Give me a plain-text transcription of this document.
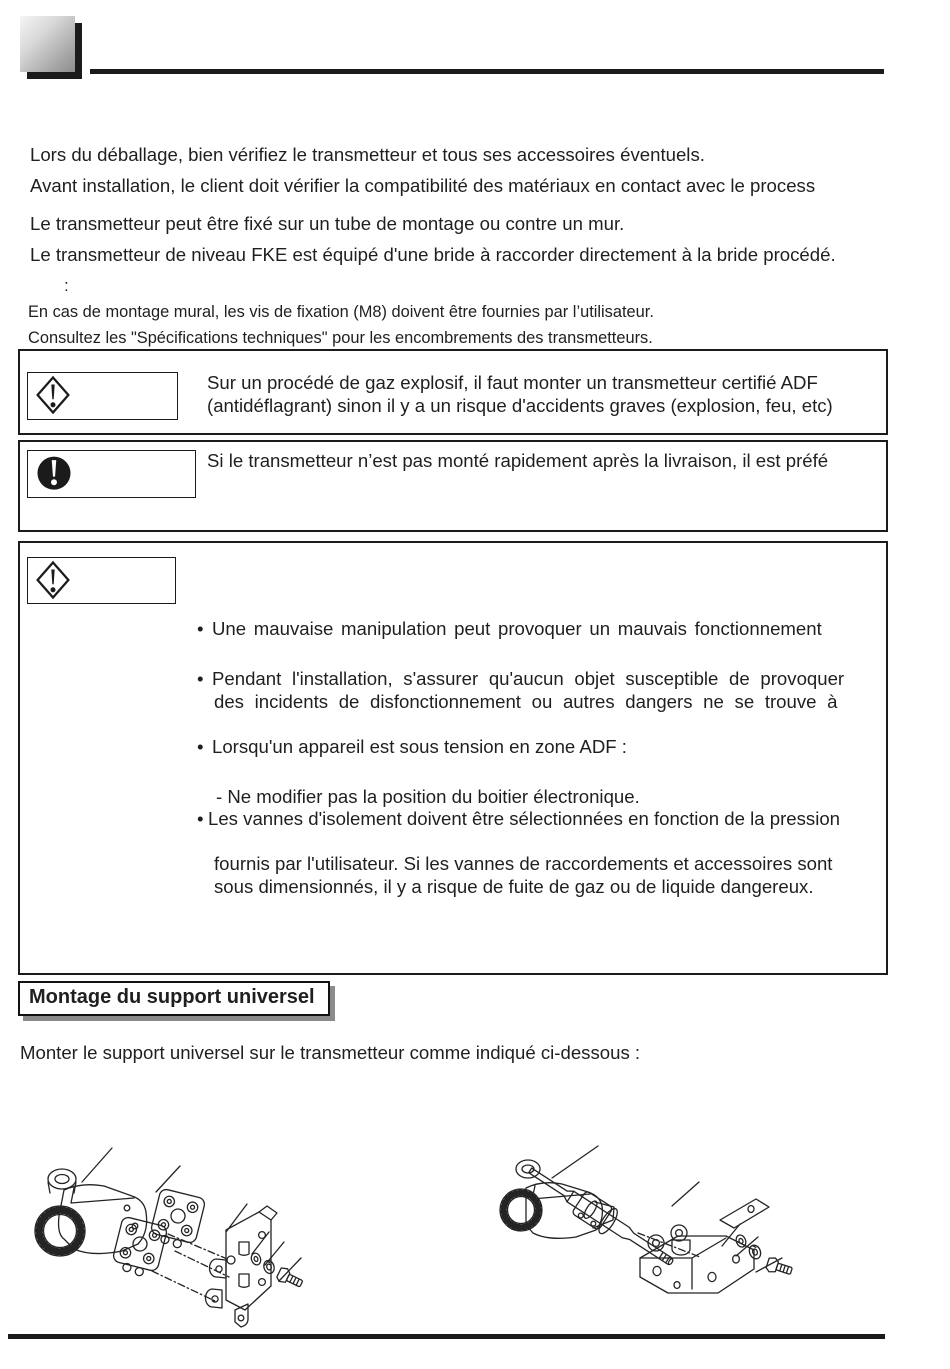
Lors du déballage, bien vérifiez le transmetteur et tous ses accessoires éventuels.
Avant installation, le client doit vérifier la compatibilité des matériaux en contact avec le process
Le transmetteur peut être fixé sur un tube de montage ou contre un mur.
Le transmetteur de niveau FKE est équipé d'une bride à raccorder directement à la bride procédé.
:
En cas de montage mural, les vis de fixation (M8) doivent être fournies par l’utilisateur.
Consultez les "Spécifications techniques" pour les encombrements des transmetteurs.
Sur un procédé de gaz explosif, il faut monter un transmetteur certifié ADF
(antidéflagrant) sinon il y a un risque d'accidents graves (explosion, feu, etc)
Si le transmetteur n’est pas monté rapidement après la livraison, il est préfé
• Une mauvaise manipulation peut provoquer un mauvais fonctionnement
• Pendant l'installation, s'assurer qu'aucun objet susceptible de provoquer
des incidents de disfonctionnement ou autres dangers ne se trouve à
• Lorsqu'un appareil est sous tension en zone ADF :
- Ne modifier pas la position du boitier électronique.
• Les vannes d'isolement doivent être sélectionnées en fonction de la pression
fournis par l'utilisateur. Si les vannes de raccordements et accessoires sont
sous dimensionnés, il y a risque de fuite de gaz ou de liquide dangereux.
Montage du support universel
Monter le support universel sur le transmetteur comme indiqué ci-dessous :
